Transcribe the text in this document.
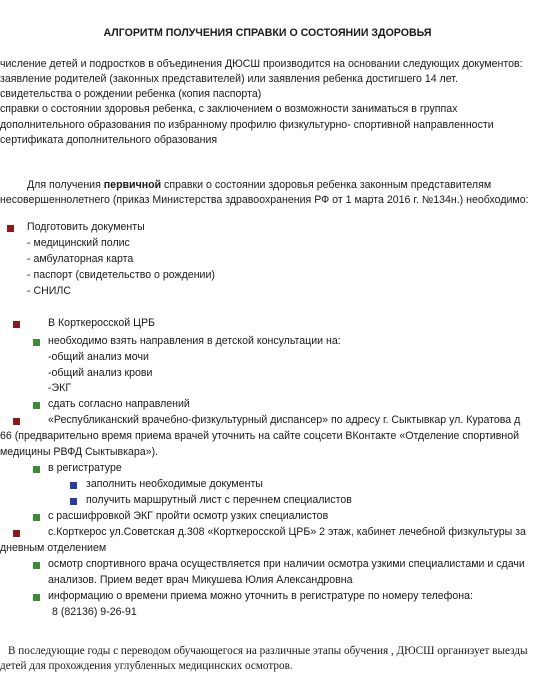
АЛГОРИТМ ПОЛУЧЕНИЯ СПРАВКИ О СОСТОЯНИИ ЗДОРОВЬЯ
числение детей и подростков в объединения ДЮСШ производится на основании следующих документов:
заявление родителей (законных представителей) или заявления ребенка достигшего 14 лет.
свидетельства о рождении ребенка (копия паспорта)
справки о состоянии здоровья ребенка, с заключением о возможности заниматься в группах
дополнительного образования по избранному профилю физкультурно- спортивной направленности
сертификата дополнительного образования
Для получения первичной справки о состоянии здоровья ребенка законным представителям
несовершеннолетнего (приказ Министерства здравоохранения РФ от 1 марта 2016 г. №134н.) необходимо:
Подготовить документы
- медицинский полис
- амбулаторная карта
- паспорт (свидетельство о рождении)
- СНИЛС
В Корткеросской ЦРБ
необходимо взять направления в детской консультации на:
-общий анализ мочи
-общий анализ крови
-ЭКГ
сдать согласно направлений
«Республиканский врачебно-физкультурный диспансер» по адресу г. Сыктывкар ул. Куратова д
66 (предварительно время приема врачей уточнить на сайте соцсети ВКонтакте «Отделение спортивной
медицины РВФД Сыктывкара»).
в регистратуре
заполнить необходимые документы
получить маршрутный лист с перечнем специалистов
с расшифровкой ЭКГ пройти осмотр узких специалистов
с.Корткерос ул.Советская д.308 «Корткеросской ЦРБ» 2 этаж, кабинет лечебной физкультуры за
дневным отделением
осмотр спортивного врача осуществляется при наличии осмотра узкими специалистами и сдачи
анализов. Прием ведет врач Микушева Юлия Александровна
информацию о времени приема можно уточнить в регистратуре по номеру телефона:
8 (82136) 9-26-91
В последующие годы с переводом обучающегося на различные этапы обучения , ДЮСШ организует выезды
детей для прохождения углубленных медицинских осмотров.
